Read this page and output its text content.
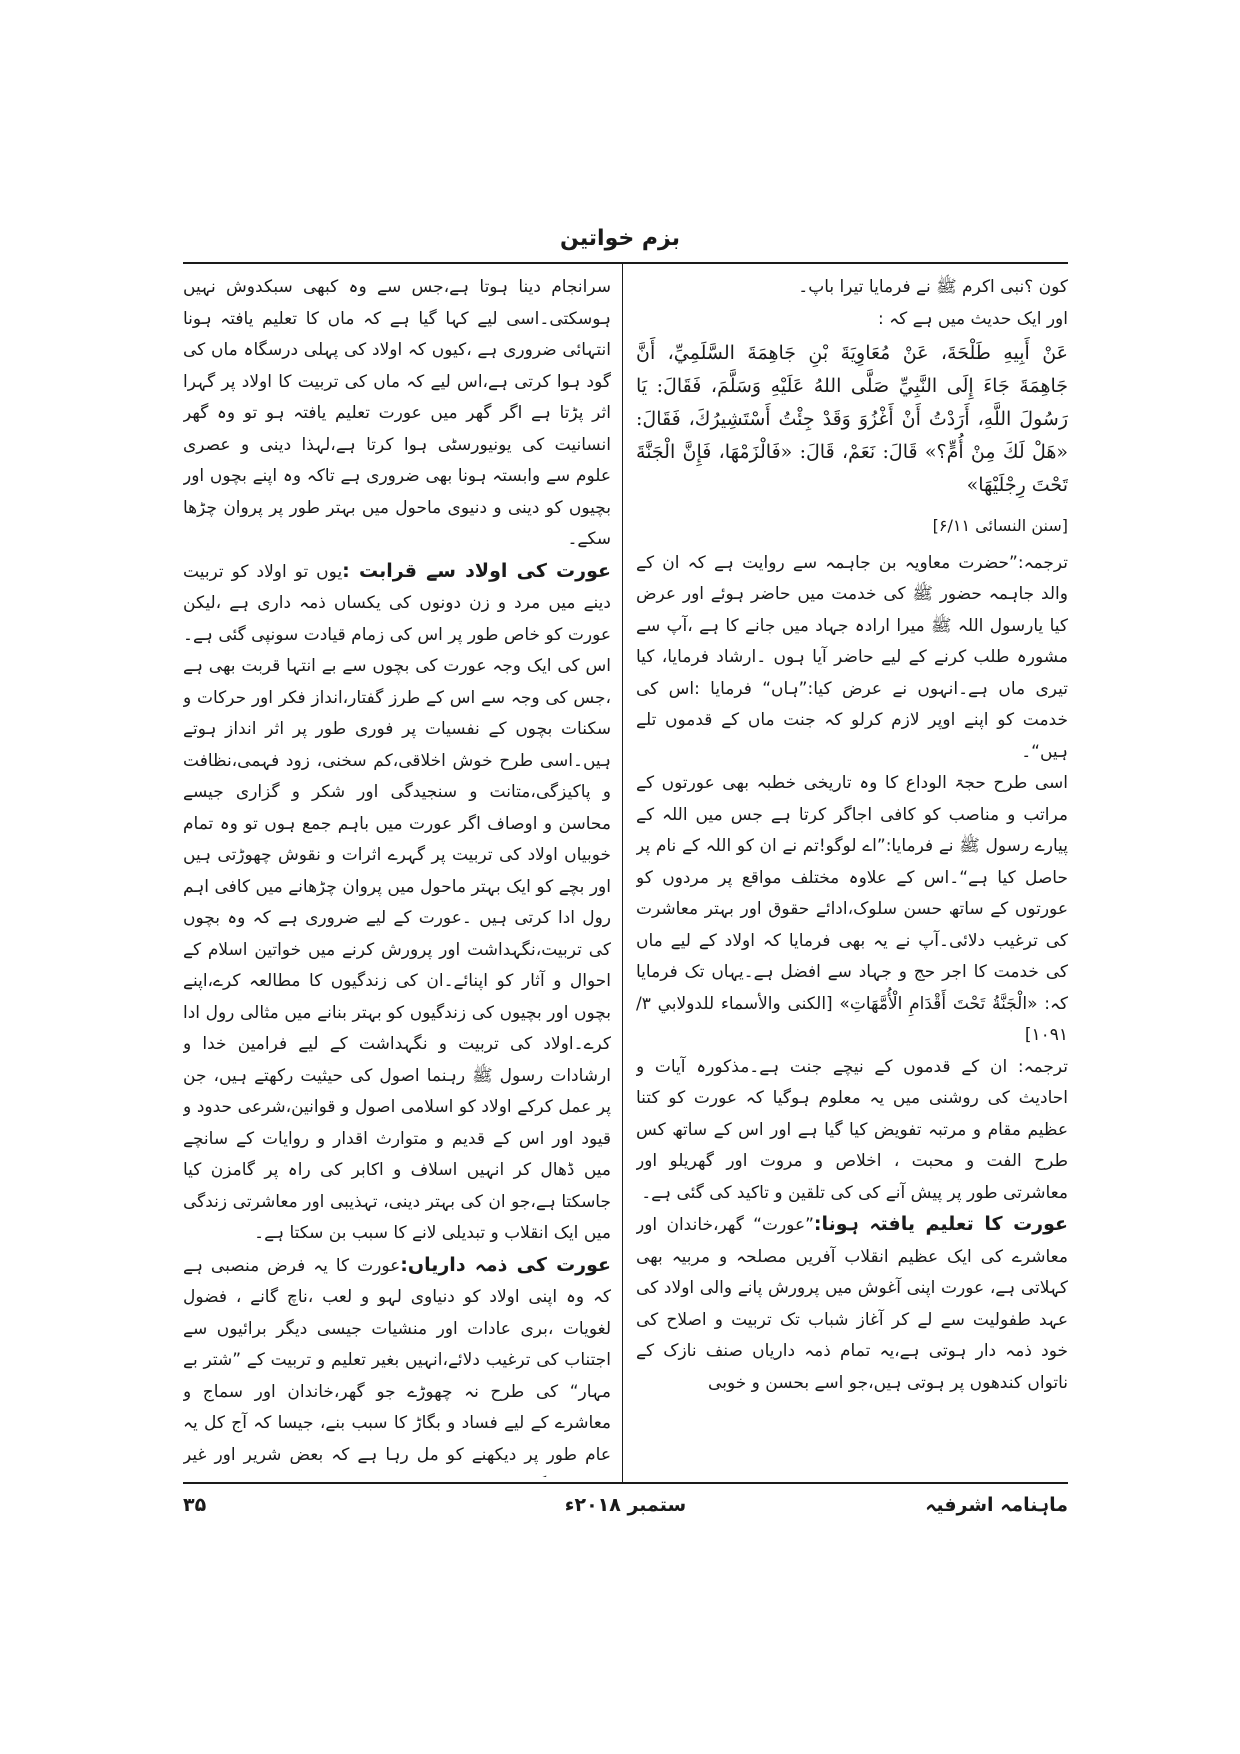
بزم خواتین

کون ؟نبی اکرم ﷺ نے فرمایا تیرا باپ۔

اور ایک حدیث میں ہے کہ :

عَنْ أَبِيهِ طَلْحَةَ، عَنْ مُعَاوِيَةَ بْنِ جَاهِمَةَ السَّلَمِيِّ، أَنَّ جَاهِمَةَ جَاءَ إِلَى النَّبِيِّ صَلَّى اللهُ عَلَيْهِ وَسَلَّمَ، فَقَالَ: يَا رَسُولَ اللَّهِ، أَرَدْتُ أَنْ أَغْزُوَ وَقَدْ جِئْتُ أَسْتَشِيرُكَ، فَقَالَ: «هَلْ لَكَ مِنْ أُمٍّ؟» قَالَ: نَعَمْ، قَالَ: «فَالْزَمْهَا، فَإِنَّ الْجَنَّةَ تَحْتَ رِجْلَيْهَا»

[سنن النسائی ۶/۱۱]

ترجمہ:”حضرت معاویہ بن جاہمہ سے روایت ہے کہ ان کے والد جاہمہ حضور ﷺ کی خدمت میں حاضر ہوئے اور عرض کیا یارسول اللہ ﷺ میرا ارادہ جہاد میں جانے کا ہے ،آپ سے مشورہ طلب کرنے کے لیے حاضر آیا ہوں ۔ارشاد فرمایا، کیا تیری ماں ہے۔انہوں نے عرض کیا:”ہاں“ فرمایا :اس کی خدمت کو اپنے اوپر لازم کرلو کہ جنت ماں کے قدموں تلے ہیں“۔

اسی طرح حجۃ الوداع کا وہ تاریخی خطبہ بھی عورتوں کے مراتب و مناصب کو کافی اجاگر کرتا ہے جس میں اللہ کے پیارے رسول ﷺ نے فرمایا:”اے لوگو!تم نے ان کو اللہ کے نام پر حاصل کیا ہے“۔اس کے علاوہ مختلف مواقع پر مردوں کو عورتوں کے ساتھ حسن سلوک،ادائے حقوق اور بہتر معاشرت کی ترغیب دلائی۔آپ نے یہ بھی فرمایا کہ اولاد کے لیے ماں کی خدمت کا اجر حج و جہاد سے افضل ہے۔یہاں تک فرمایا کہ: «الْجَنَّةُ تَحْتَ أَقْدَامِ الْأُمَّهَاتِ» [الكنى والأسماء للدولابي ۳/ ۱۰۹۱]

ترجمہ: ان کے قدموں کے نیچے جنت ہے۔مذکورہ آیات و احادیث کی روشنی میں یہ معلوم ہوگیا کہ عورت کو کتنا عظیم مقام و مرتبہ تفویض کیا گیا ہے اور اس کے ساتھ کس طرح الفت و محبت ، اخلاص و مروت اور گھریلو اور معاشرتی طور پر پیش آنے کی کی تلقین و تاکید کی گئی ہے۔

عورت کا تعلیم یافتہ ہونا:”عورت“ گھر،خاندان اور معاشرے کی ایک عظیم انقلاب آفریں مصلحہ و مربیہ بھی کہلاتی ہے، عورت اپنی آغوش میں پرورش پانے والی اولاد کی عہد طفولیت سے لے کر آغاز شباب تک تربیت و اصلاح کی خود ذمہ دار ہوتی ہے،یہ تمام ذمہ داریاں صنف نازک کے ناتواں کندھوں پر ہوتی ہیں،جو اسے بحسن و خوبی

سرانجام دینا ہوتا ہے،جس سے وہ کبھی سبکدوش نہیں ہوسکتی۔اسی لیے کہا گیا ہے کہ ماں کا تعلیم یافتہ ہونا انتہائی ضروری ہے ،کیوں کہ اولاد کی پہلی درسگاہ ماں کی گود ہوا کرتی ہے،اس لیے کہ ماں کی تربیت کا اولاد پر گہرا اثر پڑتا ہے اگر گھر میں عورت تعلیم یافتہ ہو تو وہ گھر انسانیت کی یونیورسٹی ہوا کرتا ہے،لہذا دینی و عصری علوم سے وابستہ ہونا بھی ضروری ہے تاکہ وہ اپنے بچوں اور بچیوں کو دینی و دنیوی ماحول میں بہتر طور پر پروان چڑھا سکے۔

عورت کی اولاد سے قرابت :یوں تو اولاد کو تربیت دینے میں مرد و زن دونوں کی یکساں ذمہ داری ہے ،لیکن عورت کو خاص طور پر اس کی زمام قیادت سونپی گئی ہے۔ اس کی ایک وجہ عورت کی بچوں سے بے انتہا قربت بھی ہے ،جس کی وجہ سے اس کے طرز گفتار،انداز فکر اور حرکات و سکنات بچوں کے نفسیات پر فوری طور پر اثر انداز ہوتے ہیں۔اسی طرح خوش اخلاقی،کم سخنی، زود فہمی،نظافت و پاکیزگی،متانت و سنجیدگی اور شکر و گزاری جیسے محاسن و اوصاف اگر عورت میں باہم جمع ہوں تو وہ تمام خوبیاں اولاد کی تربیت پر گہرے اثرات و نقوش چھوڑتی ہیں اور بچے کو ایک بہتر ماحول میں پروان چڑھانے میں کافی اہم رول ادا کرتی ہیں ۔عورت کے لیے ضروری ہے کہ وہ بچوں کی تربیت،نگہداشت اور پرورش کرنے میں خواتین اسلام کے احوال و آثار کو اپنائے۔ان کی زندگیوں کا مطالعہ کرے،اپنے بچوں اور بچیوں کی زندگیوں کو بہتر بنانے میں مثالی رول ادا کرے۔اولاد کی تربیت و نگہداشت کے لیے فرامین خدا و ارشادات رسول ﷺ رہنما اصول کی حیثیت رکھتے ہیں، جن پر عمل کرکے اولاد کو اسلامی اصول و قوانین،شرعی حدود و قیود اور اس کے قدیم و متوارث اقدار و روایات کے سانچے میں ڈھال کر انہیں اسلاف و اکابر کی راہ پر گامزن کیا جاسکتا ہے،جو ان کی بہتر دینی، تہذیبی اور معاشرتی زندگی میں ایک انقلاب و تبدیلی لانے کا سبب بن سکتا ہے۔

عورت کی ذمہ داریاں:عورت کا یہ فرض منصبی ہے کہ وہ اپنی اولاد کو دنیاوی لہو و لعب ،ناچ گانے ، فضول لغویات ،بری عادات اور منشیات جیسی دیگر برائیوں سے اجتناب کی ترغیب دلائے،انہیں بغیر تعلیم و تربیت کے ”شتر بے مہار“ کی طرح نہ چھوڑے جو گھر،خاندان اور سماج و معاشرے کے لیے فساد و بگاڑ کا سبب بنے، جیسا کہ آج کل یہ عام طور پر دیکھنے کو مل رہا ہے کہ بعض شریر اور غیر

ماہنامہ اشرفیہ
ستمبر ۲۰۱۸ء
۳۵
